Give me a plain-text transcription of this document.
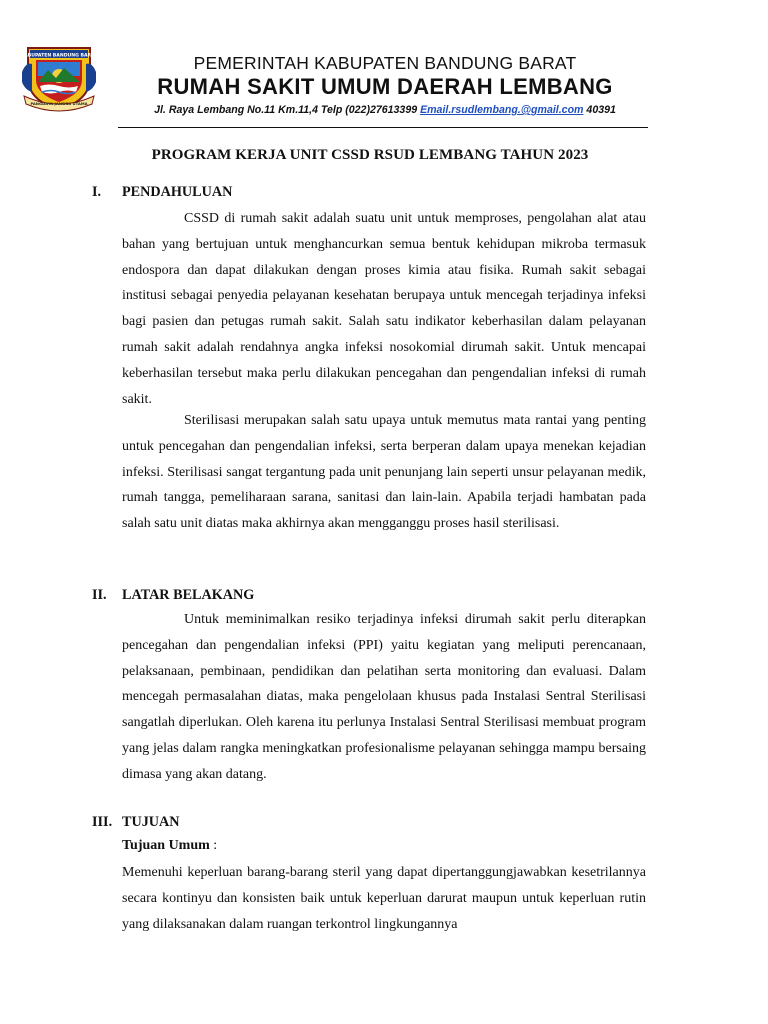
KABUPATEN BANDUNG BARAT
PANGDAYA JANGGA UTAMA
PEMERINTAH KABUPATEN BANDUNG BARAT
RUMAH SAKIT UMUM DAERAH LEMBANG
Jl. Raya Lembang No.11 Km.11,4 Telp (022)27613399 Email.rsudlembang.@gmail.com 40391
PROGRAM KERJA UNIT CSSD RSUD LEMBANG TAHUN 2023
I. PENDAHULUAN
CSSD di rumah sakit adalah suatu unit untuk memproses, pengolahan alat atau bahan yang bertujuan untuk menghancurkan semua bentuk kehidupan mikroba termasuk endospora dan dapat dilakukan dengan proses kimia atau fisika. Rumah sakit sebagai institusi sebagai penyedia pelayanan kesehatan berupaya untuk mencegah terjadinya infeksi bagi pasien dan petugas rumah sakit. Salah satu indikator keberhasilan dalam pelayanan rumah sakit adalah rendahnya angka infeksi nosokomial dirumah sakit. Untuk mencapai keberhasilan tersebut maka perlu dilakukan pencegahan dan pengendalian infeksi di rumah sakit.
Sterilisasi merupakan salah satu upaya untuk memutus mata rantai yang penting untuk pencegahan dan pengendalian infeksi, serta berperan dalam upaya menekan kejadian infeksi. Sterilisasi sangat tergantung pada unit penunjang lain seperti unsur pelayanan medik, rumah tangga, pemeliharaan sarana, sanitasi dan lain-lain. Apabila terjadi hambatan pada salah satu unit diatas maka akhirnya akan mengganggu proses hasil sterilisasi.
II. LATAR BELAKANG
Untuk meminimalkan resiko terjadinya infeksi dirumah sakit perlu diterapkan pencegahan dan pengendalian infeksi (PPI) yaitu kegiatan yang meliputi perencanaan, pelaksanaan, pembinaan, pendidikan dan pelatihan serta monitoring dan evaluasi. Dalam mencegah permasalahan diatas, maka pengelolaan khusus pada Instalasi Sentral Sterilisasi sangatlah diperlukan. Oleh karena itu perlunya Instalasi Sentral Sterilisasi membuat program yang jelas dalam rangka meningkatkan profesionalisme pelayanan sehingga mampu bersaing dimasa yang akan datang.
III. TUJUAN
Tujuan Umum :
Memenuhi keperluan barang-barang steril yang dapat dipertanggungjawabkan kesetrilannya secara kontinyu dan konsisten baik untuk keperluan darurat maupun untuk keperluan rutin yang dilaksanakan dalam ruangan terkontrol lingkungannya
